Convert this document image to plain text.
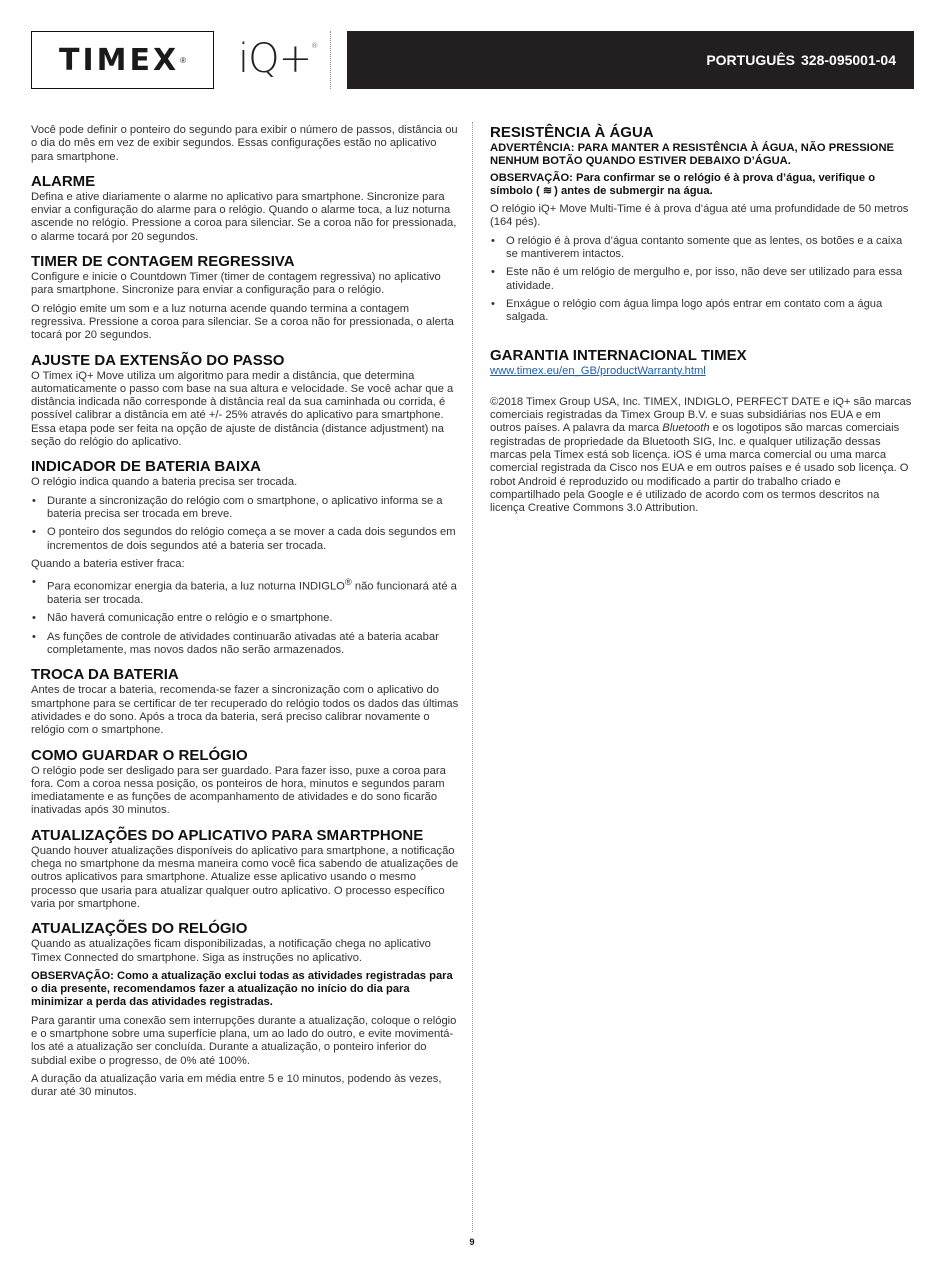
TIMEX ® iQ+®
PORTUGUÊS 328-095001-04

Você pode definir o ponteiro do segundo para exibir o número de passos, distância ou o dia do mês em vez de exibir segundos. Essas configurações estão no aplicativo para smartphone.

ALARME

Defina e ative diariamente o alarme no aplicativo para smartphone. Sincronize para enviar a configuração do alarme para o relógio. Quando o alarme toca, a luz noturna ascende no relógio. Pressione a coroa para silenciar. Se a coroa não for pressionada, o alarme tocará por 20 segundos.

TIMER DE CONTAGEM REGRESSIVA

Configure e inicie o Countdown Timer (timer de contagem regressiva) no aplicativo para smartphone. Sincronize para enviar a configuração para o relógio.

O relógio emite um som e a luz noturna acende quando termina a contagem regressiva. Pressione a coroa para silenciar. Se a coroa não for pressionada, o alerta tocará por 20 segundos.

AJUSTE DA EXTENSÃO DO PASSO

O Timex iQ+ Move utiliza um algoritmo para medir a distância, que determina automaticamente o passo com base na sua altura e velocidade. Se você achar que a distância indicada não corresponde à distância real da sua caminhada ou corrida, é possível calibrar a distância em até +/- 25% através do aplicativo para smartphone. Essa etapa pode ser feita na opção de ajuste de distância (distance adjustment) na seção do relógio do aplicativo.

INDICADOR DE BATERIA BAIXA

O relógio indica quando a bateria precisa ser trocada.

• Durante a sincronização do relógio com o smartphone, o aplicativo informa se a bateria precisa ser trocada em breve.
• O ponteiro dos segundos do relógio começa a se mover a cada dois segundos em incrementos de dois segundos até a bateria ser trocada.

Quando a bateria estiver fraca:

• Para economizar energia da bateria, a luz noturna INDIGLO® não funcionará até a bateria ser trocada.
• Não haverá comunicação entre o relógio e o smartphone.
• As funções de controle de atividades continuarão ativadas até a bateria acabar completamente, mas novos dados não serão armazenados.
TROCA DA BATERIA

Antes de trocar a bateria, recomenda-se fazer a sincronização com o aplicativo do smartphone para se certificar de ter recuperado do relógio todos os dados das últimas atividades e do sono. Após a troca da bateria, será preciso calibrar novamente o relógio com o smartphone.

COMO GUARDAR O RELÓGIO

O relógio pode ser desligado para ser guardado. Para fazer isso, puxe a coroa para fora. Com a coroa nessa posição, os ponteiros de hora, minutos e segundos param imediatamente e as funções de acompanhamento de atividades e do sono ficarão inativadas após 30 minutos.

ATUALIZAÇÕES DO APLICATIVO PARA SMARTPHONE

Quando houver atualizações disponíveis do aplicativo para smartphone, a notificação chega no smartphone da mesma maneira como você fica sabendo de atualizações de outros aplicativos para smartphone. Atualize esse aplicativo usando o mesmo processo que usaria para atualizar qualquer outro aplicativo. O processo específico varia por smartphone.

ATUALIZAÇÕES DO RELÓGIO

Quando as atualizações ficam disponibilizadas, a notificação chega no aplicativo Timex Connected do smartphone. Siga as instruções no aplicativo.

OBSERVAÇÃO: Como a atualização exclui todas as atividades registradas para o dia presente, recomendamos fazer a atualização no início do dia para minimizar a perda das atividades registradas.

Para garantir uma conexão sem interrupções durante a atualização, coloque o relógio e o smartphone sobre uma superfície plana, um ao lado do outro, e evite movimentá-los até a atualização ser concluída. Durante a atualização, o ponteiro inferior do subdial exibe o progresso, de 0% até 100%.

A duração da atualização varia em média entre 5 e 10 minutos, podendo às vezes, durar até 30 minutos.

RESISTÊNCIA À ÁGUA

ADVERTÊNCIA: PARA MANTER A RESISTÊNCIA À ÁGUA, NÃO PRESSIONE NENHUM BOTÃO QUANDO ESTIVER DEBAIXO D’ÁGUA.

OBSERVAÇÃO: Para confirmar se o relógio é à prova d’água, verifique o símbolo ( ≋ ) antes de submergir na água.

O relógio iQ+ Move Multi-Time é à prova d’água até uma profundidade de 50 metros (164 pés).

• O relógio é à prova d’água contanto somente que as lentes, os botões e a caixa se mantiverem intactos.
• Este não é um relógio de mergulho e, por isso, não deve ser utilizado para essa atividade.
• Enxágue o relógio com água limpa logo após entrar em contato com a água salgada.
GARANTIA INTERNACIONAL TIMEX

www.timex.eu/en_GB/productWarranty.html

©2018 Timex Group USA, Inc. TIMEX, INDIGLO, PERFECT DATE e iQ+ são marcas comerciais registradas da Timex Group B.V. e suas subsidiárias nos EUA e em outros países. A palavra da marca Bluetooth e os logotipos são marcas comerciais registradas de propriedade da Bluetooth SIG, Inc. e qualquer utilização dessas marcas pela Timex está sob licença. iOS é uma marca comercial ou uma marca comercial registrada da Cisco nos EUA e em outros países e é usado sob licença. O robot Android é reproduzido ou modificado a partir do trabalho criado e compartilhado pela Google e é utilizado de acordo com os termos descritos na licença Creative Commons 3.0 Attribution.

9
